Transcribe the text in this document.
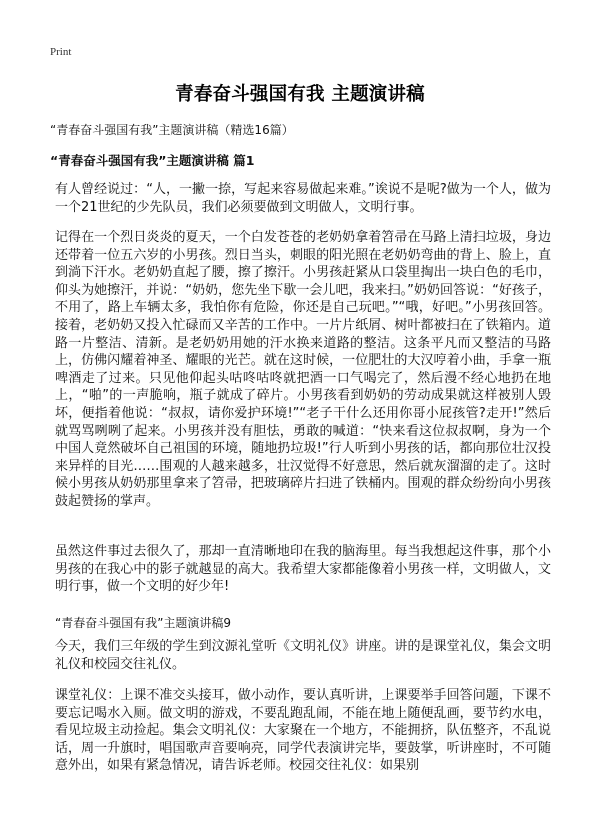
Print
青春奋斗强国有我 主题演讲稿
“青春奋斗强国有我”主题演讲稿（精选16篇）
“青春奋斗强国有我”主题演讲稿 篇1

有人曾经说过：“人，一撇一捺，写起来容易做起来难。”诶说不是呢?做为一个人，做为一个21世纪的少先队员，我们必须要做到文明做人，文明行事。

记得在一个烈日炎炎的夏天，一个白发苍苍的老奶奶拿着笤帚在马路上清扫垃圾，身边还带着一位五六岁的小男孩。烈日当头，刺眼的阳光照在老奶奶弯曲的背上、脸上，直到淌下汗水。老奶奶直起了腰，擦了擦汗。小男孩赶紧从口袋里掏出一块白色的毛巾，仰头为她擦汗，并说：“奶奶，您先坐下歇一会儿吧，我来扫。”奶奶回答说：“好孩子，不用了，路上车辆太多，我怕你有危险，你还是自己玩吧。”“哦，好吧。”小男孩回答。接着，老奶奶又投入忙碌而又辛苦的工作中。一片片纸屑、树叶都被扫在了铁箱内。道路一片整洁、清新。是老奶奶用她的汗水换来道路的整洁。这条平凡而又整洁的马路上，仿佛闪耀着神圣、耀眼的光芒。就在这时候，一位肥壮的大汉哼着小曲，手拿一瓶啤酒走了过来。只见他仰起头咕咚咕咚就把酒一口气喝完了，然后漫不经心地扔在地上，“啪”的一声脆响，瓶子就成了碎片。小男孩看到奶奶的劳动成果就这样被别人毁坏，便指着他说：“叔叔，请你爱护环境!”“老子干什么还用你哥小屁孩管?走开!”然后就骂骂咧咧了起来。小男孩并没有胆怯，勇敢的喊道：“快来看这位叔叔啊，身为一个中国人竟然破坏自己祖国的环境，随地扔垃圾!”行人听到小男孩的话，都向那位壮汉投来异样的目光……围观的人越来越多，壮汉觉得不好意思，然后就灰溜溜的走了。这时候小男孩从奶奶那里拿来了笤帚，把玻璃碎片扫进了铁桶内。围观的群众纷纷向小男孩鼓起赞扬的掌声。

虽然这件事过去很久了，那却一直清晰地印在我的脑海里。每当我想起这件事，那个小男孩的在我心中的影子就越显的高大。我希望大家都能像着小男孩一样，文明做人，文明行事，做一个文明的好少年!

“青春奋斗强国有我”主题演讲稿9

今天，我们三年级的学生到汶源礼堂听《文明礼仪》讲座。讲的是课堂礼仪，集会文明礼仪和校园交往礼仪。

课堂礼仪：上课不准交头接耳，做小动作，要认真听讲，上课要举手回答问题，下课不要忘记喝水入厕。做文明的游戏，不要乱跑乱闹，不能在地上随便乱画，要节约水电，看见垃圾主动捡起。集会文明礼仪：大家聚在一个地方，不能拥挤，队伍整齐，不乱说话，周一升旗时，唱国歌声音要响亮，同学代表演讲完毕，要鼓掌，听讲座时，不可随意外出，如果有紧急情况，请告诉老师。校园交往礼仪：如果别
